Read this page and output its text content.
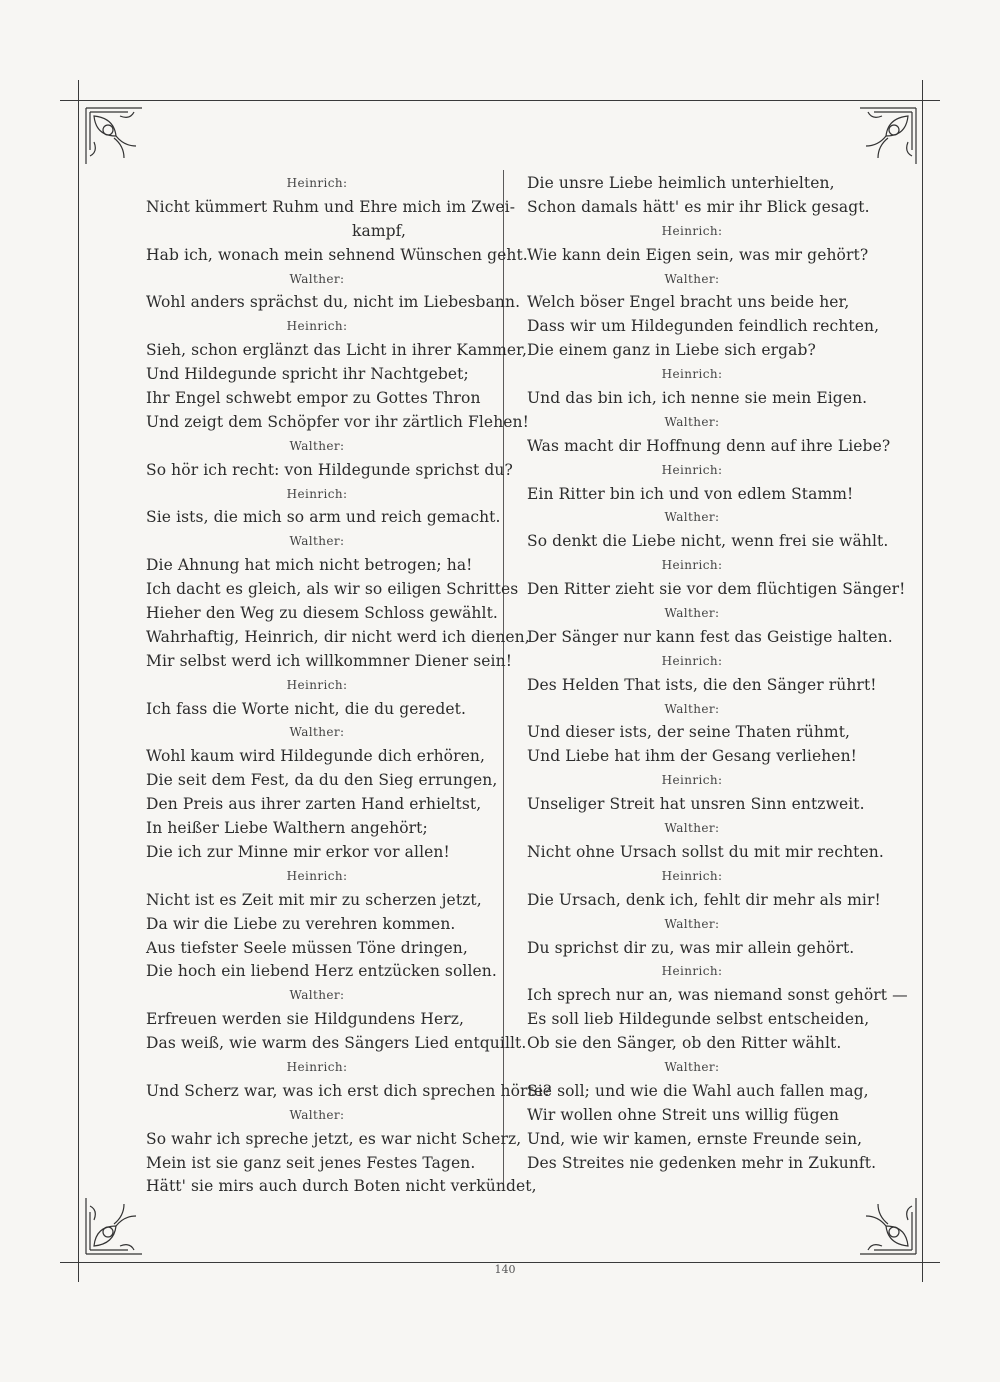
Heinrich:
Nicht kümmert Ruhm und Ehre mich im Zwei-
kampf,
Hab ich, wonach mein sehnend Wünschen geht.
Walther:
Wohl anders sprächst du, nicht im Liebesbann.
Heinrich:
Sieh, schon erglänzt das Licht in ihrer Kammer,
Und Hildegunde spricht ihr Nachtgebet;
Ihr Engel schwebt empor zu Gottes Thron
Und zeigt dem Schöpfer vor ihr zärtlich Flehen!
Walther:
So hör ich recht: von Hildegunde sprichst du?
Heinrich:
Sie ists, die mich so arm und reich gemacht.
Walther:
Die Ahnung hat mich nicht betrogen; ha!
Ich dacht es gleich, als wir so eiligen Schrittes
Hieher den Weg zu diesem Schloss gewählt.
Wahrhaftig, Heinrich, dir nicht werd ich dienen,
Mir selbst werd ich willkommner Diener sein!
Heinrich:
Ich fass die Worte nicht, die du geredet.
Walther:
Wohl kaum wird Hildegunde dich erhören,
Die seit dem Fest, da du den Sieg errungen,
Den Preis aus ihrer zarten Hand erhieltst,
In heißer Liebe Walthern angehört;
Die ich zur Minne mir erkor vor allen!
Heinrich:
Nicht ist es Zeit mit mir zu scherzen jetzt,
Da wir die Liebe zu verehren kommen.
Aus tiefster Seele müssen Töne dringen,
Die hoch ein liebend Herz entzücken sollen.
Walther:
Erfreuen werden sie Hildgundens Herz,
Das weiß, wie warm des Sängers Lied entquillt.
Heinrich:
Und Scherz war, was ich erst dich sprechen hörte?
Walther:
So wahr ich spreche jetzt, es war nicht Scherz,
Mein ist sie ganz seit jenes Festes Tagen.
Hätt' sie mirs auch durch Boten nicht verkündet,
Die unsre Liebe heimlich unterhielten,
Schon damals hätt' es mir ihr Blick gesagt.
Heinrich:
Wie kann dein Eigen sein, was mir gehört?
Walther:
Welch böser Engel bracht uns beide her,
Dass wir um Hildegunden feindlich rechten,
Die einem ganz in Liebe sich ergab?
Heinrich:
Und das bin ich, ich nenne sie mein Eigen.
Walther:
Was macht dir Hoffnung denn auf ihre Liebe?
Heinrich:
Ein Ritter bin ich und von edlem Stamm!
Walther:
So denkt die Liebe nicht, wenn frei sie wählt.
Heinrich:
Den Ritter zieht sie vor dem flüchtigen Sänger!
Walther:
Der Sänger nur kann fest das Geistige halten.
Heinrich:
Des Helden That ists, die den Sänger rührt!
Walther:
Und dieser ists, der seine Thaten rühmt,
Und Liebe hat ihm der Gesang verliehen!
Heinrich:
Unseliger Streit hat unsren Sinn entzweit.
Walther:
Nicht ohne Ursach sollst du mit mir rechten.
Heinrich:
Die Ursach, denk ich, fehlt dir mehr als mir!
Walther:
Du sprichst dir zu, was mir allein gehört.
Heinrich:
Ich sprech nur an, was niemand sonst gehört —
Es soll lieb Hildegunde selbst entscheiden,
Ob sie den Sänger, ob den Ritter wählt.
Walther:
Sie soll; und wie die Wahl auch fallen mag,
Wir wollen ohne Streit uns willig fügen
Und, wie wir kamen, ernste Freunde sein,
Des Streites nie gedenken mehr in Zukunft.
140
